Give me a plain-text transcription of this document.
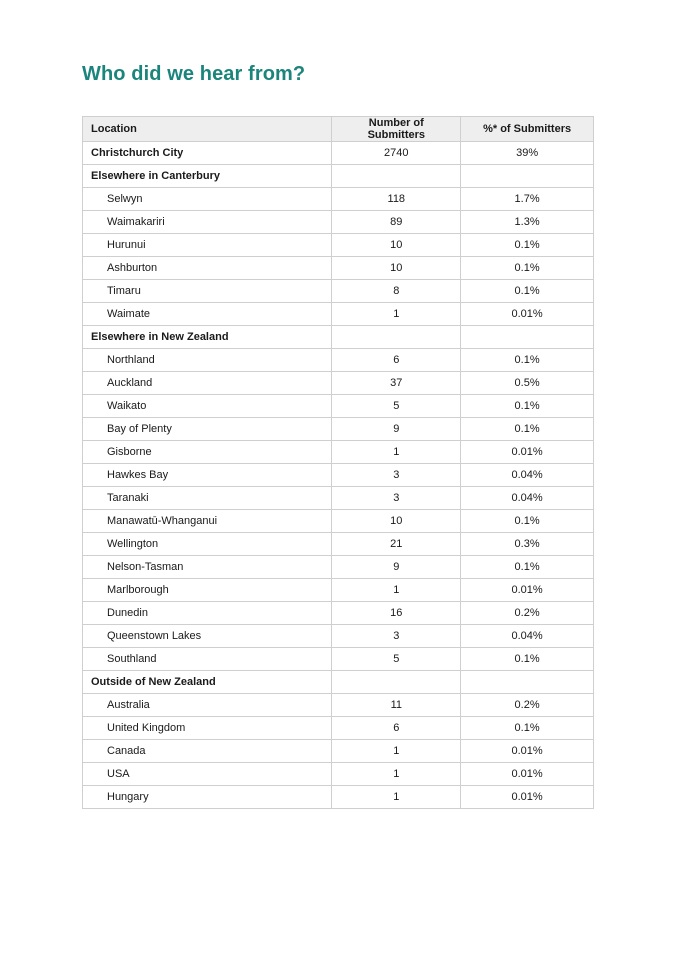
Who did we hear from?
Location	Number of Submitters	%* of Submitters
Christchurch City	2740	39%
Elsewhere in Canterbury		
Selwyn	118	1.7%
Waimakariri	89	1.3%
Hurunui	10	0.1%
Ashburton	10	0.1%
Timaru	8	0.1%
Waimate	1	0.01%
Elsewhere in New Zealand		
Northland	6	0.1%
Auckland	37	0.5%
Waikato	5	0.1%
Bay of Plenty	9	0.1%
Gisborne	1	0.01%
Hawkes Bay	3	0.04%
Taranaki	3	0.04%
Manawatū-Whanganui	10	0.1%
Wellington	21	0.3%
Nelson-Tasman	9	0.1%
Marlborough	1	0.01%
Dunedin	16	0.2%
Queenstown Lakes	3	0.04%
Southland	5	0.1%
Outside of New Zealand		
Australia	11	0.2%
United Kingdom	6	0.1%
Canada	1	0.01%
USA	1	0.01%
Hungary	1	0.01%
